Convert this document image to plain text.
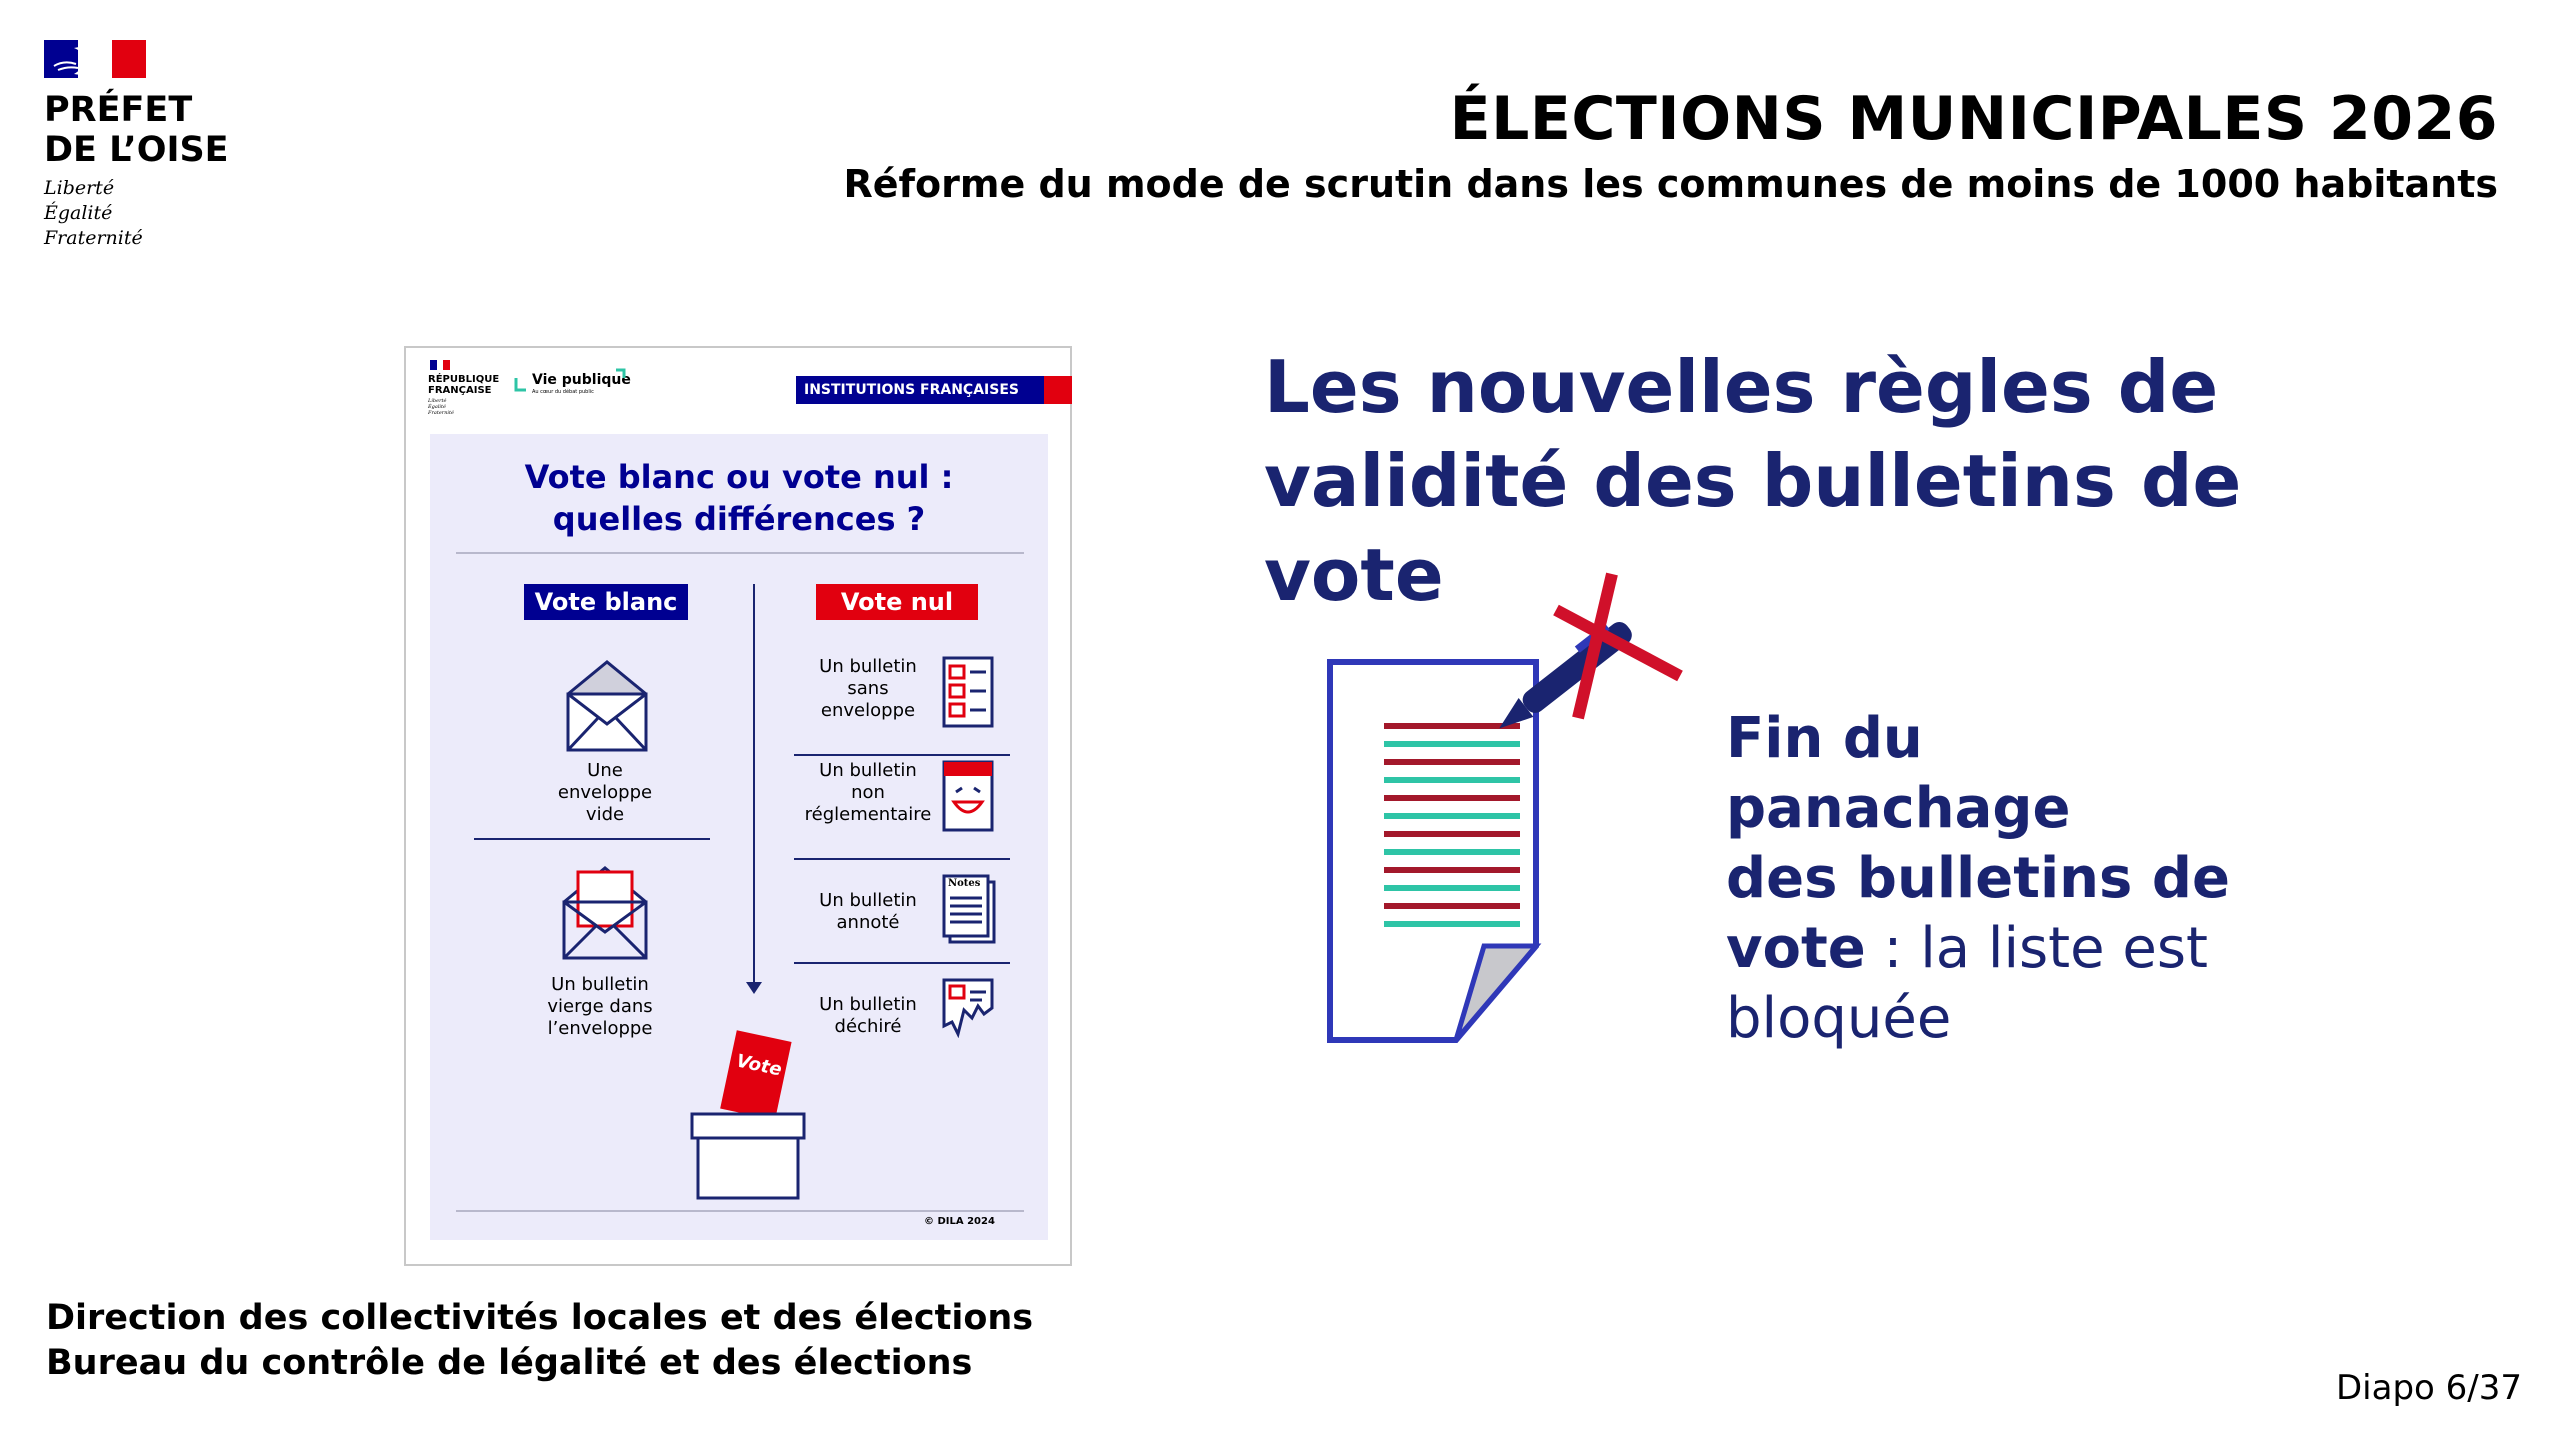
PRÉFET
DE L’OISE
Liberté
Égalité
Fraternité
ÉLECTIONS MUNICIPALES 2026
Réforme du mode de scrutin dans les communes de moins de 1000 habitants
RÉPUBLIQUE
FRANÇAISE
Liberté
Égalité
Fraternité
Vie publique
Au cœur du débat public	INSTITUTIONS FRANÇAISES
Vote blanc ou vote nul :
quelles différences ?
Vote blanc	Vote nul
Une
enveloppe
vide
Un bulletin
vierge dans
l’enveloppe
Un bulletin
sans
enveloppe
Un bulletin
non
réglementaire
Un bulletin
annoté
Notes
Un bulletin
déchiré
Vote
© DILA 2024
Les nouvelles règles de
validité des bulletins de vote
Fin du panachage
des bulletins de
vote : la liste est
bloquée
Direction des collectivités locales et des élections
Bureau du contrôle de légalité et des élections
Diapo 6/37
